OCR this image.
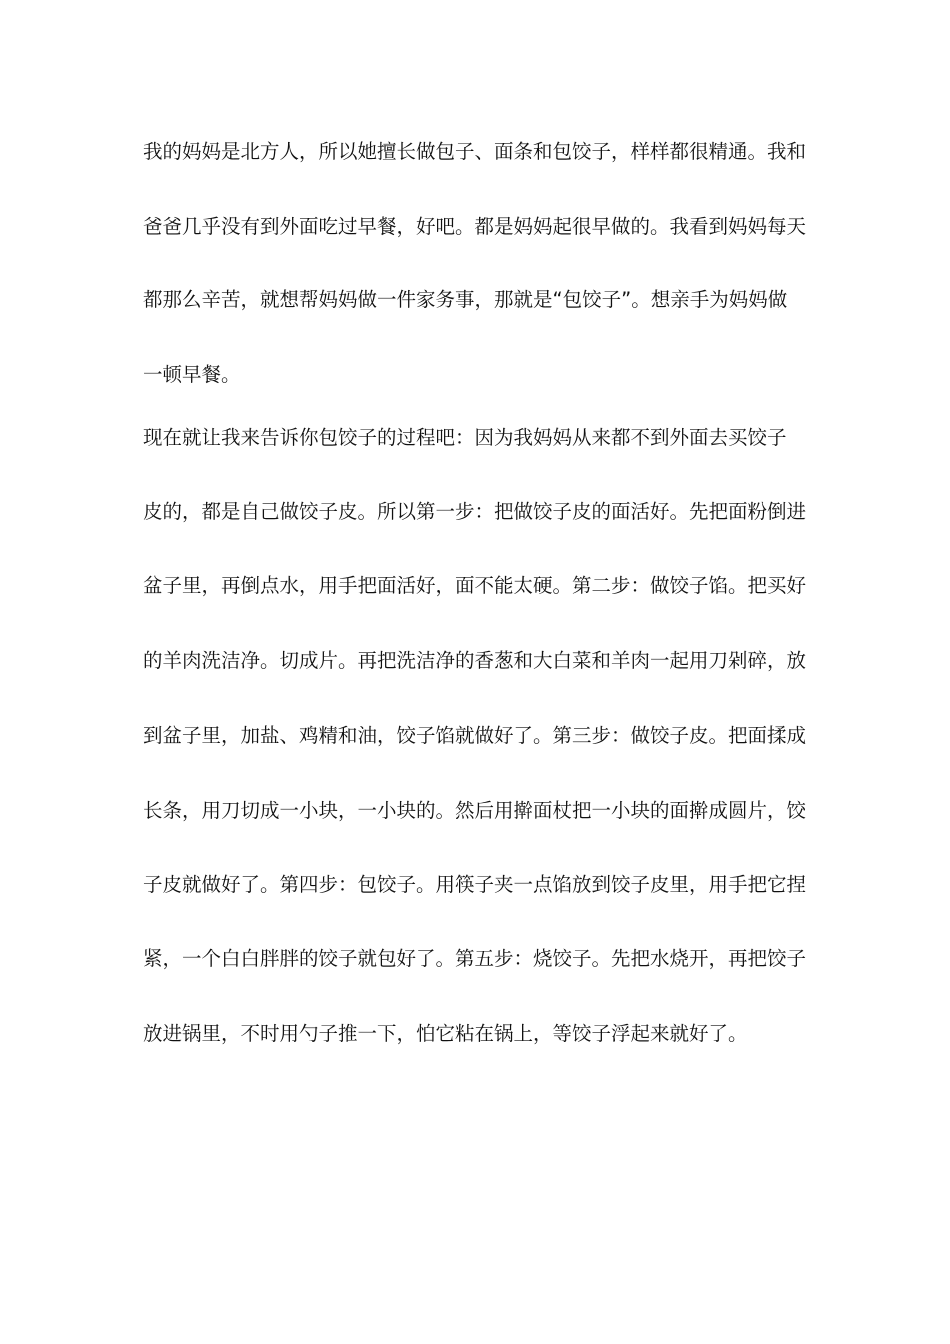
我的妈妈是北方人，所以她擅长做包子、面条和包饺子，样样都很精通。我和
爸爸几乎没有到外面吃过早餐，好吧。都是妈妈起很早做的。我看到妈妈每天
都那么辛苦，就想帮妈妈做一件家务事，那就是“包饺子”。想亲手为妈妈做
一顿早餐。
现在就让我来告诉你包饺子的过程吧：因为我妈妈从来都不到外面去买饺子
皮的，都是自己做饺子皮。所以第一步：把做饺子皮的面活好。先把面粉倒进
盆子里，再倒点水，用手把面活好，面不能太硬。第二步：做饺子馅。把买好
的羊肉洗洁净。切成片。再把洗洁净的香葱和大白菜和羊肉一起用刀剁碎，放
到盆子里，加盐、鸡精和油，饺子馅就做好了。第三步：做饺子皮。把面揉成
长条，用刀切成一小块，一小块的。然后用擀面杖把一小块的面擀成圆片，饺
子皮就做好了。第四步：包饺子。用筷子夹一点馅放到饺子皮里，用手把它捏
紧，一个白白胖胖的饺子就包好了。第五步：烧饺子。先把水烧开，再把饺子
放进锅里，不时用勺子推一下，怕它粘在锅上，等饺子浮起来就好了。
